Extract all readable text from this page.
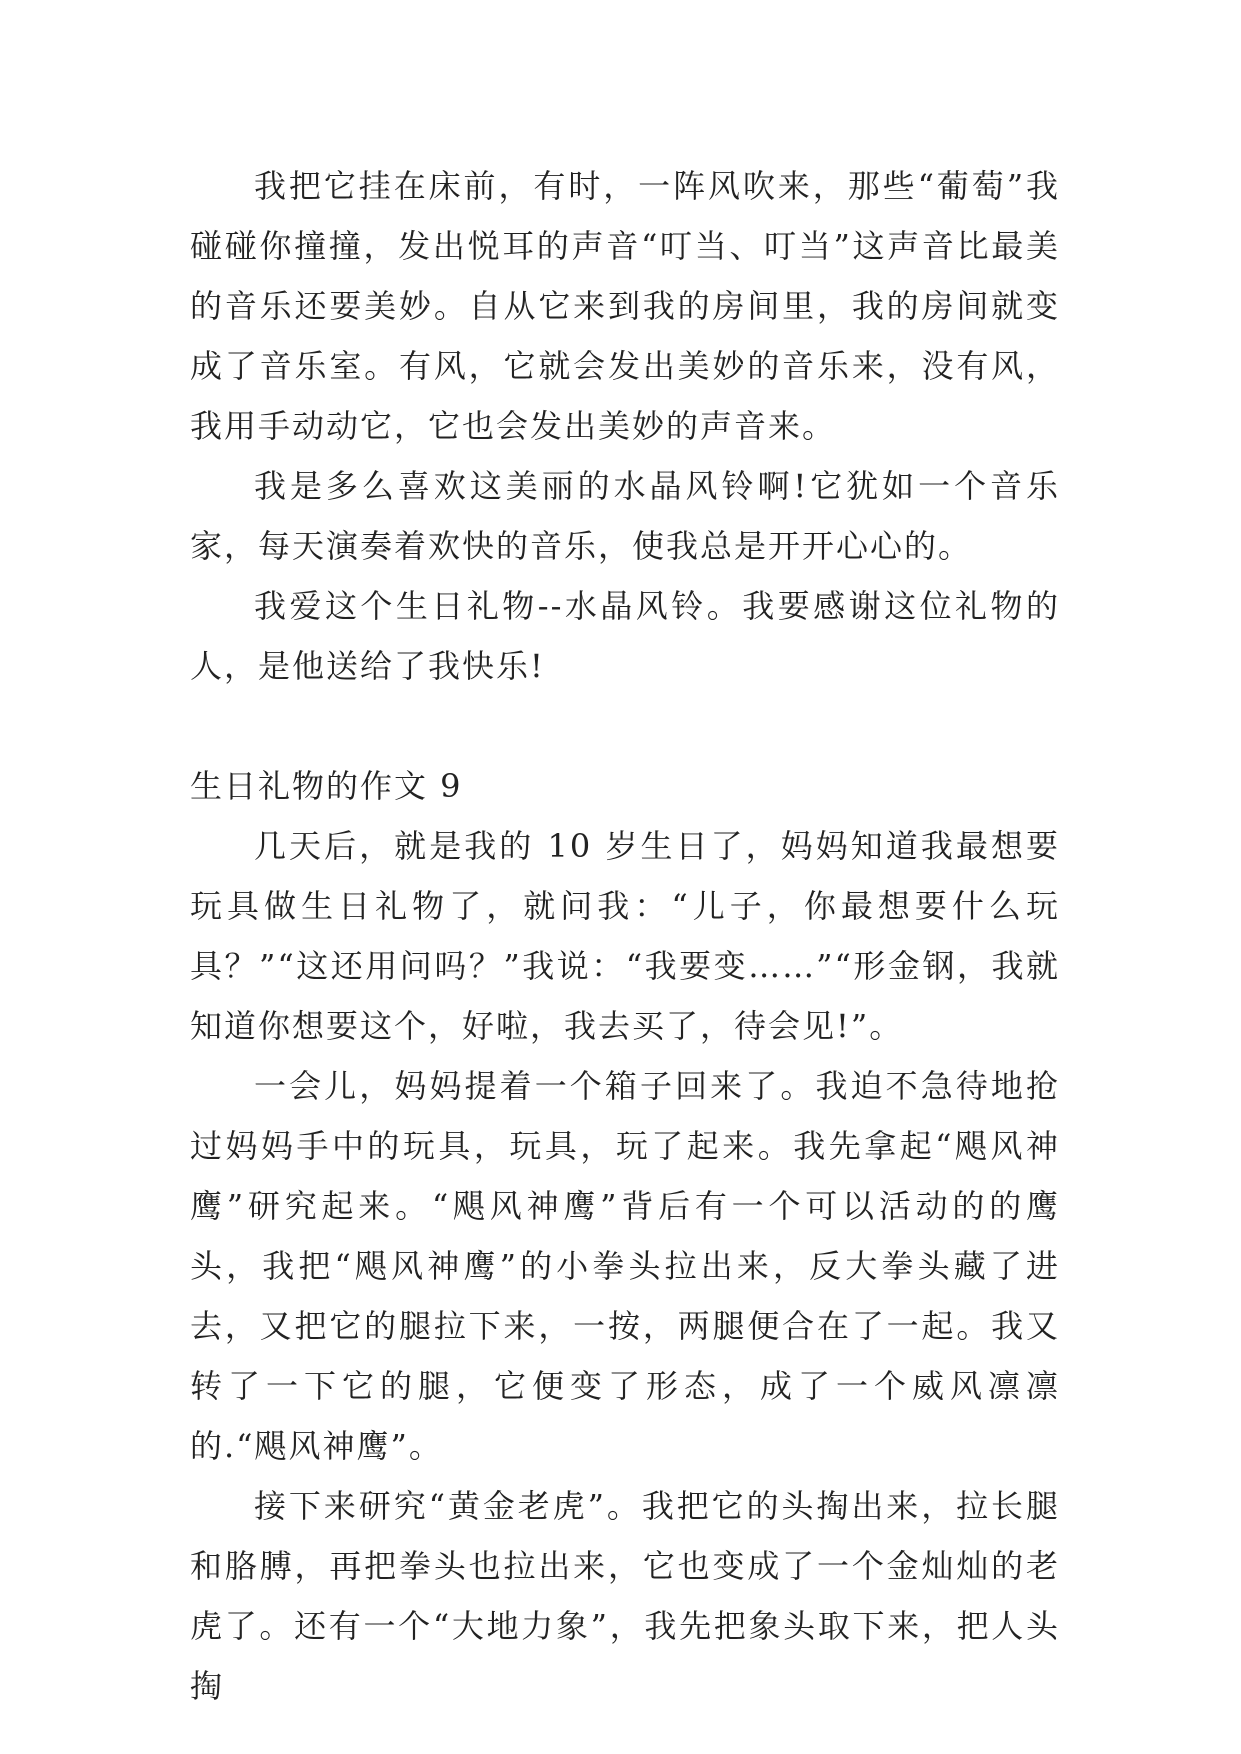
我把它挂在床前，有时，一阵风吹来，那些“葡萄”我碰碰你撞撞，发出悦耳的声音“叮当、叮当”这声音比最美的音乐还要美妙。自从它来到我的房间里，我的房间就变成了音乐室。有风，它就会发出美妙的音乐来，没有风，我用手动动它，它也会发出美妙的声音来。

我是多么喜欢这美丽的水晶风铃啊!它犹如一个音乐家，每天演奏着欢快的音乐，使我总是开开心心的。

我爱这个生日礼物--水晶风铃。我要感谢这位礼物的人，是他送给了我快乐!

生日礼物的作文 9

几天后，就是我的 10 岁生日了，妈妈知道我最想要玩具做生日礼物了，就问我：“儿子，你最想要什么玩具？”“这还用问吗？”我说：“我要变……”“形金钢，我就知道你想要这个，好啦，我去买了，待会见!”。

一会儿，妈妈提着一个箱子回来了。我迫不急待地抢过妈妈手中的玩具，玩具，玩了起来。我先拿起“飓风神鹰”研究起来。“飓风神鹰”背后有一个可以活动的的鹰头，我把“飓风神鹰”的小拳头拉出来，反大拳头藏了进去，又把它的腿拉下来，一按，两腿便合在了一起。我又转了一下它的腿，它便变了形态，成了一个威风凛凛的.“飓风神鹰”。

接下来研究“黄金老虎”。我把它的头掏出来，拉长腿和胳膊，再把拳头也拉出来，它也变成了一个金灿灿的老虎了。还有一个“大地力象”，我先把象头取下来，把人头掏
